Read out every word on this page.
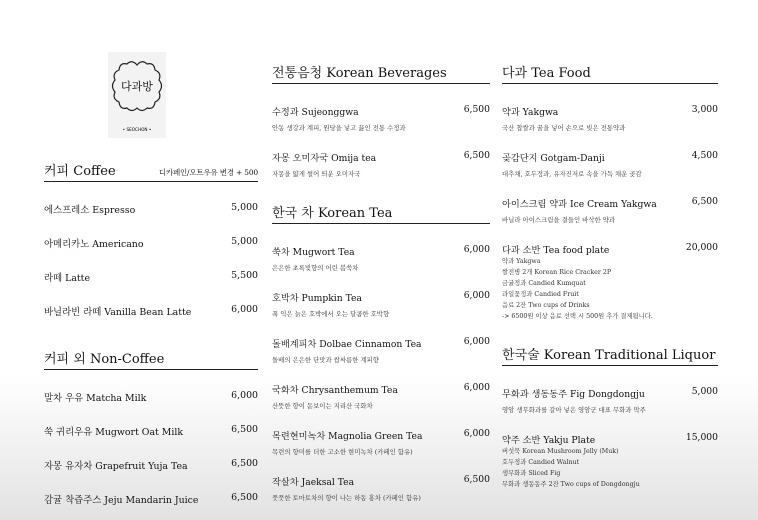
다과방
• SEOCHON •
커피 Coffee	디카페인/오트우유 변경 + 500
에스프레소 Espresso	5,000
아메리카노 Americano	5,000
라떼 Latte	5,500
바닐라빈 라떼 Vanilla Bean Latte	6,000
커피 외 Non-Coffee
말차 우유 Matcha Milk	6,000
쑥 귀리우유 Mugwort Oat Milk	6,500
자몽 유자차 Grapefruit Yuja Tea	6,500
감귤 착즙주스 Jeju Mandarin Juice	6,500
전통음청 Korean Beverages
수정과 Sujeonggwa	6,500
안동 생강과 계피, 원당을 넣고 끓인 전통 수정과
자몽 오미자국 Omija tea	6,500
자몽을 얇게 썰어 띄운 오미자국
한국 차 Korean Tea
쑥차 Mugwort Tea	6,000
은은한 초록빛향의 어린 봄쑥차
호박차 Pumpkin Tea	6,000
푹 익은 늙은 호박에서 오는 달콤한 호박향
돌배계피차 Dolbae Cinnamon Tea	6,000
돌배의 은은한 단맛과 쌉싸름한 계피향
국화차 Chrysanthemum Tea	6,000
산뜻한 향이 돋보이는 지리산 국화차
목련현미녹차 Magnolia Green Tea	6,000
목련의 향미를 더한 고소한 현미녹차 (카페인 함유)
작살차 Jaeksal Tea	6,500
풋풋한 토마토차의 향이 나는 하동 홍차 (카페인 함유)
다과 Tea Food
약과 Yakgwa	3,000
국산 찹쌀과 꿀을 넣어 손으로 빚은 전통약과
곶감단지 Gotgam-Danji	4,500
대추채, 호두정과, 유자진저로 속을 가득 채운 곶감
아이스크림 약과 Ice Cream Yakgwa	6,500
바닐라 아이스크림을 곁들인 바삭한 약과
다과 소반 Tea food plate	20,000
약과 Yakgwa
쌀전병 2개 Korean Rice Cracker 2P
금귤정과 Candied Kumquat
과일꽃정과 Candied Fruit
음료 2잔 Two cups of Drinks
-> 6500원 이상 음료 선택 시 500원 추가 결제됩니다.
한국술 Korean Traditional Liquor
무화과 생동동주 Fig Dongdongju	5,000
영암 생무화과를 갈아 넣은 영암군 대표 무화과 막주
약주 소반 Yakju Plate	15,000
버섯묵 Korean Mushroom Jelly (Muk)
호두정과 Candied Walnut
생무화과 Sliced Fig
무화과 생동동주 2잔 Two cups of Dongdongju
